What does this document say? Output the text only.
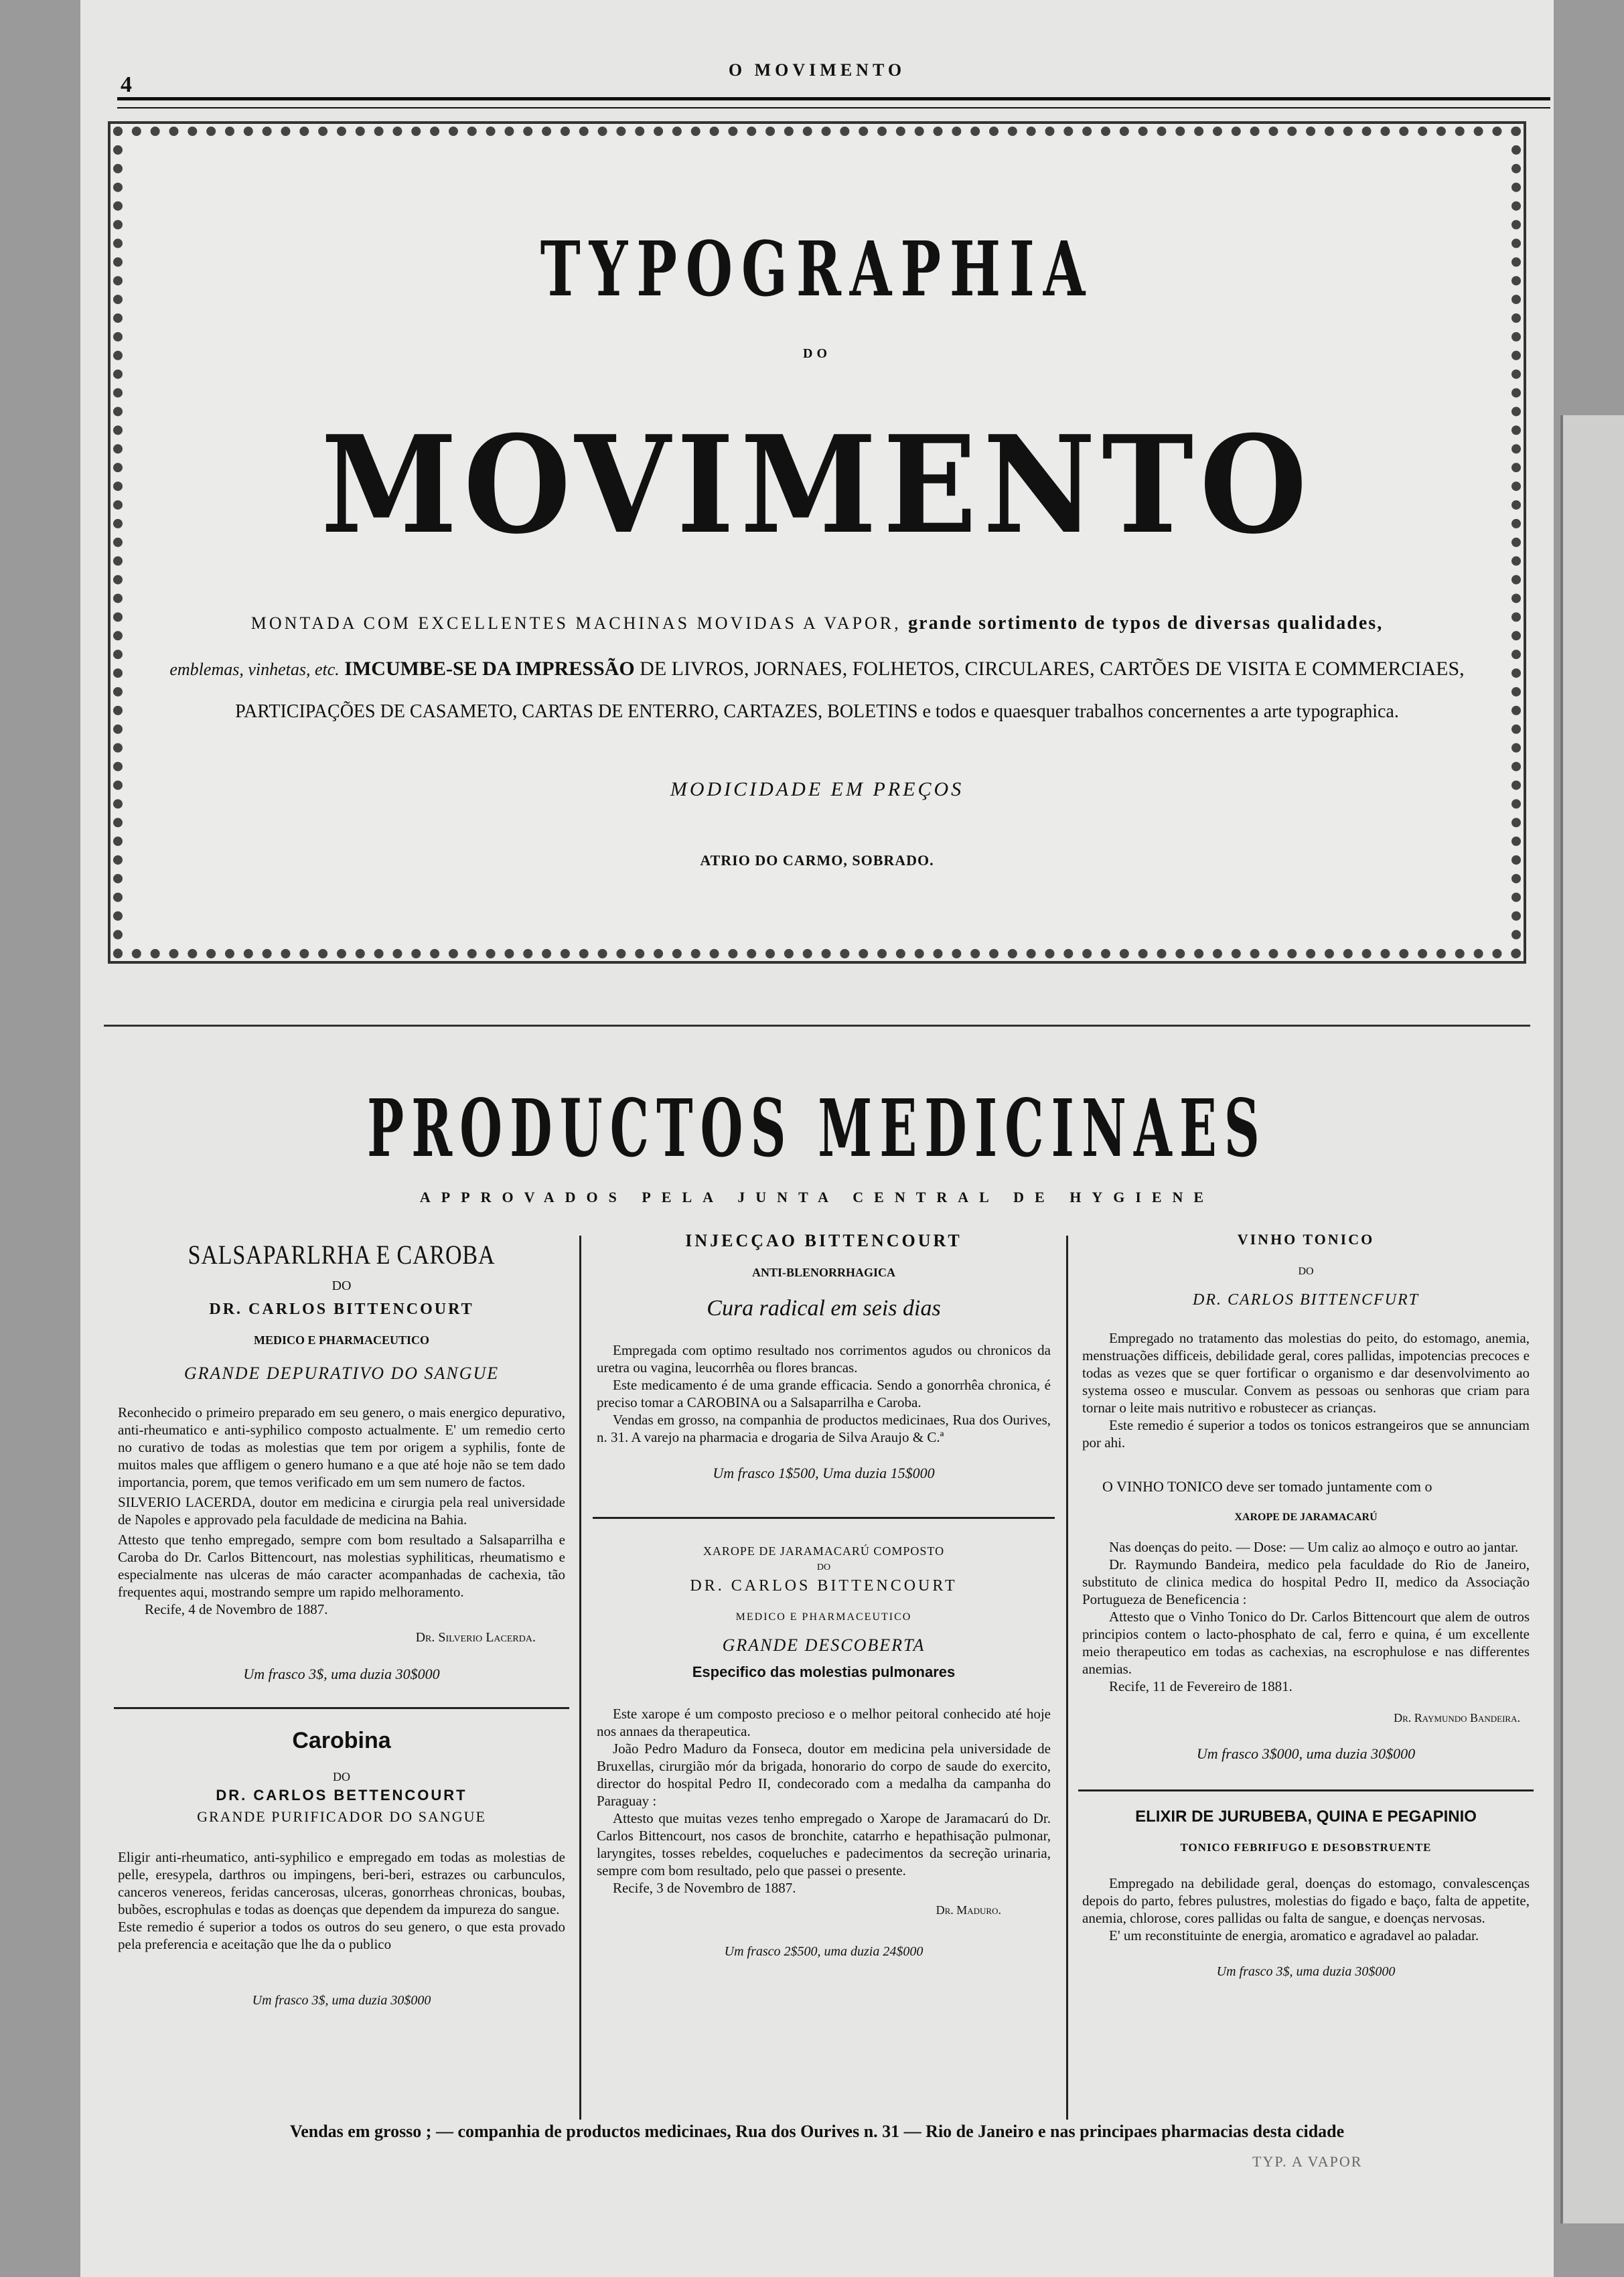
4
O MOVIMENTO
TYPOGRAPHIA
DO
MOVIMENTO
MONTADA COM EXCELLENTES MACHINAS MOVIDAS A VAPOR, grande sortimento de typos de diversas qualidades,
emblemas, vinhetas, etc. IMCUMBE-SE DA IMPRESSÃO DE LIVROS, JORNAES, FOLHETOS, CIRCULARES, CARTÕES DE VISITA E COMMERCIAES,
PARTICIPAÇÕES DE CASAMETO, CARTAS DE ENTERRO, CARTAZES, BOLETINS e todos e quaesquer trabalhos concernentes a arte typographica.
MODICIDADE EM PREÇOS
ATRIO DO CARMO, SOBRADO.
PRODUCTOS MEDICINAES
APPROVADOS PELA JUNTA CENTRAL DE HYGIENE
SALSAPARLRHA E CAROBA
DO
DR. CARLOS BITTENCOURT
MEDICO E PHARMACEUTICO
GRANDE DEPURATIVO DO SANGUE

Reconhecido o primeiro preparado em seu genero, o mais energico depurativo, anti-rheumatico e anti-syphilico composto actualmente. E' um remedio certo no curativo de todas as molestias que tem por origem a syphilis, fonte de muitos males que affligem o genero humano e a que até hoje não se tem dado importancia, porem, que temos verificado em um sem numero de factos.

SILVERIO LACERDA, doutor em medicina e cirurgia pela real universidade de Napoles e approvado pela faculdade de medicina na Bahia.

Attesto que tenho empregado, sempre com bom resultado a Salsaparrilha e Caroba do Dr. Carlos Bittencourt, nas molestias syphiliticas, rheumatismo e especialmente nas ulceras de máo caracter acompanhadas de cachexia, tão frequentes aqui, mostrando sempre um rapido melhoramento.

Recife, 4 de Novembro de 1887.

Dr. Silverio Lacerda.
Um frasco 3$, uma duzia 30$000
Carobina
DO
DR. CARLOS BETTENCOURT
GRANDE PURIFICADOR DO SANGUE

Eligir anti-rheumatico, anti-syphilico e empregado em todas as molestias de pelle, eresypela, darthros ou impingens, beri-beri, estrazes ou carbunculos, canceros venereos, feridas cancerosas, ulceras, gonorrheas chronicas, boubas, bubões, escrophulas e todas as doenças que dependem da impureza do sangue.

Este remedio é superior a todos os outros do seu genero, o que esta provado pela preferencia e aceitação que lhe da o publico

Um frasco 3$, uma duzia 30$000
INJECÇAO BITTENCOURT
ANTI-BLENORRHAGICA
Cura radical em seis dias

Empregada com optimo resultado nos corrimentos agudos ou chronicos da uretra ou vagina, leucorrhêa ou flores brancas.

Este medicamento é de uma grande efficacia. Sendo a gonorrhêa chronica, é preciso tomar a CAROBINA ou a Salsaparrilha e Caroba.

Vendas em grosso, na companhia de productos medicinaes, Rua dos Ourives, n. 31. A varejo na pharmacia e drogaria de Silva Araujo & C.ª

Um frasco 1$500, Uma duzia 15$000
XAROPE DE JARAMACARÚ COMPOSTO
DO
DR. CARLOS BITTENCOURT
MEDICO E PHARMACEUTICO
GRANDE DESCOBERTA
Especifico das molestias pulmonares

Este xarope é um composto precioso e o melhor peitoral conhecido até hoje nos annaes da therapeutica.

João Pedro Maduro da Fonseca, doutor em medicina pela universidade de Bruxellas, cirurgião mór da brigada, honorario do corpo de saude do exercito, director do hospital Pedro II, condecorado com a medalha da campanha do Paraguay :

Attesto que muitas vezes tenho empregado o Xarope de Jaramacarú do Dr. Carlos Bittencourt, nos casos de bronchite, catarrho e hepathisação pulmonar, laryngites, tosses rebeldes, coqueluches e padecimentos da secreção urinaria, sempre com bom resultado, pelo que passei o presente.

Recife, 3 de Novembro de 1887.

Dr. Maduro.
Um frasco 2$500, uma duzia 24$000
VINHO TONICO
DO
DR. CARLOS BITTENCFURT

Empregado no tratamento das molestias do peito, do estomago, anemia, menstruações difficeis, debilidade geral, cores pallidas, impotencias precoces e todas as vezes que se quer fortificar o organismo e dar desenvolvimento ao systema osseo e muscular. Convem as pessoas ou senhoras que criam para tornar o leite mais nutritivo e robustecer as crianças.

Este remedio é superior a todos os tonicos estrangeiros que se annunciam por ahi.

O VINHO TONICO deve ser tomado juntamente com o

XAROPE DE JARAMACARÚ

Nas doenças do peito. — Dose: — Um caliz ao almoço e outro ao jantar.

Dr. Raymundo Bandeira, medico pela faculdade do Rio de Janeiro, substituto de clinica medica do hospital Pedro II, medico da Associação Portugueza de Beneficencia :

Attesto que o Vinho Tonico do Dr. Carlos Bittencourt que alem de outros principios contem o lacto-phosphato de cal, ferro e quina, é um excellente meio therapeutico em todas as cachexias, na escrophulose e nas differentes anemias.

Recife, 11 de Fevereiro de 1881.

Dr. Raymundo Bandeira.
Um frasco 3$000, uma duzia 30$000
ELIXIR DE JURUBEBA, QUINA E PEGAPINIO
TONICO FEBRIFUGO E DESOBSTRUENTE

Empregado na debilidade geral, doenças do estomago, convalescenças depois do parto, febres pulustres, molestias do figado e baço, falta de appetite, anemia, chlorose, cores pallidas ou falta de sangue, e doenças nervosas.

E' um reconstituinte de energia, aromatico e agradavel ao paladar.

Um frasco 3$, uma duzia 30$000
Vendas em grosso ; — companhia de productos medicinaes, Rua dos Ourives n. 31 — Rio de Janeiro e nas principaes pharmacias desta cidade
TYP. A VAPOR
